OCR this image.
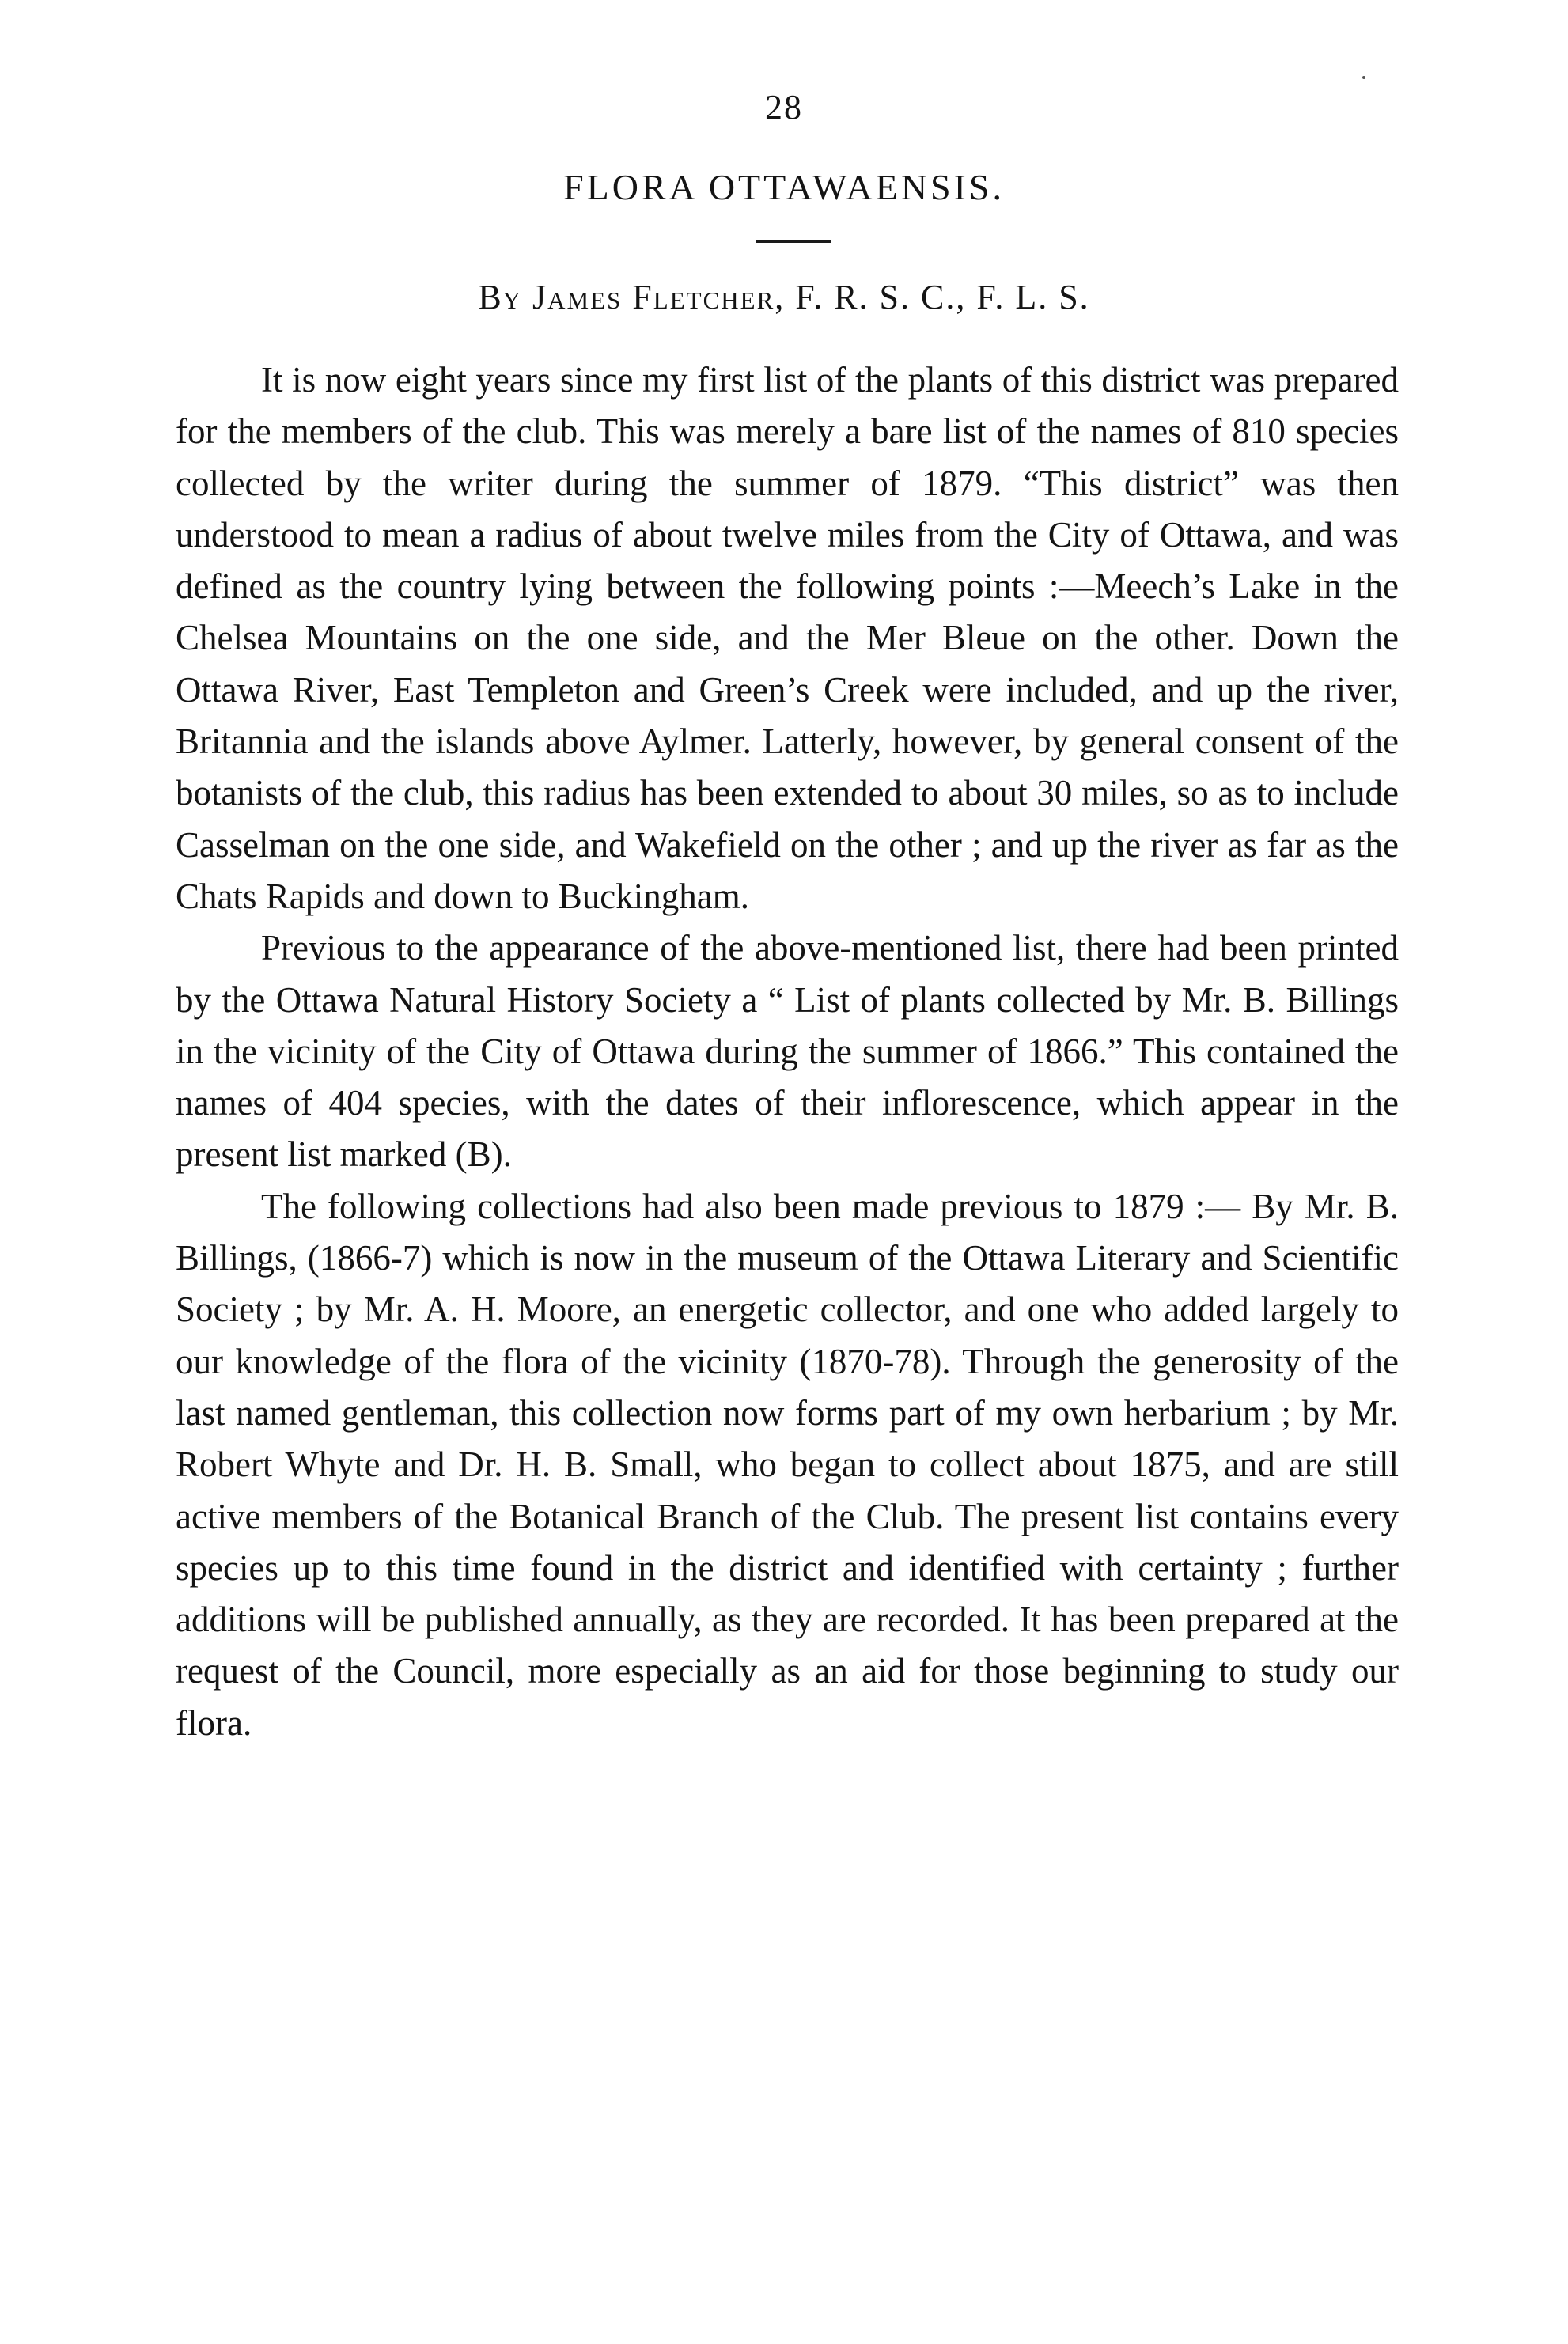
28
FLORA OTTAWAENSIS.
By James Fletcher, F. R. S. C., F. L. S.

It is now eight years since my first list of the plants of this district was prepared for the members of the club. This was merely a bare list of the names of 810 species collected by the writer during the summer of 1879. “This district” was then understood to mean a radius of about twelve miles from the City of Ottawa, and was defined as the country lying between the following points :—Meech’s Lake in the Chelsea Mountains on the one side, and the Mer Bleue on the other. Down the Ottawa River, East Templeton and Green’s Creek were included, and up the river, Britannia and the islands above Aylmer. Latterly, however, by general consent of the botanists of the club, this radius has been extended to about 30 miles, so as to include Casselman on the one side, and Wakefield on the other ; and up the river as far as the Chats Rapids and down to Buckingham.

Previous to the appearance of the above-mentioned list, there had been printed by the Ottawa Natural History Society a “ List of plants collected by Mr. B. Billings in the vicinity of the City of Ottawa during the summer of 1866.” This contained the names of 404 species, with the dates of their inflorescence, which appear in the present list marked (B).

The following collections had also been made previous to 1879 :— By Mr. B. Billings, (1866-7) which is now in the museum of the Ottawa Literary and Scientific Society ; by Mr. A. H. Moore, an energetic collector, and one who added largely to our knowledge of the flora of the vicinity (1870-78). Through the generosity of the last named gentleman, this collection now forms part of my own herbarium ; by Mr. Robert Whyte and Dr. H. B. Small, who began to collect about 1875, and are still active members of the Botanical Branch of the Club. The present list contains every species up to this time found in the district and identified with certainty ; further additions will be published annually, as they are recorded. It has been prepared at the request of the Council, more especially as an aid for those beginning to study our flora.
